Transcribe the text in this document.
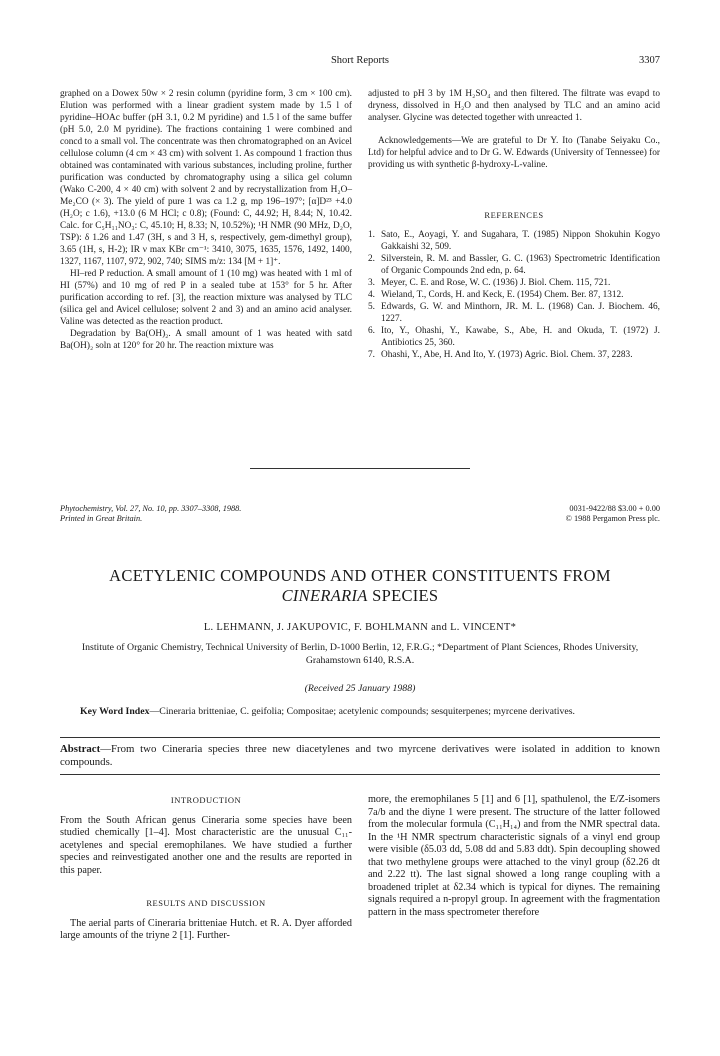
Short Reports	3307

graphed on a Dowex 50w × 2 resin column (pyridine form, 3 cm × 100 cm). Elution was performed with a linear gradient system made by 1.5 l of pyridine–HOAc buffer (pH 3.1, 0.2 M pyridine) and 1.5 l of the same buffer (pH 5.0, 2.0 M pyridine). The fractions containing 1 were combined and concd to a small vol. The concentrate was then chromatographed on an Avicel cellulose column (4 cm × 43 cm) with solvent 1. As compound 1 fraction thus obtained was contaminated with various substances, including proline, further purification was conducted by chromatography using a silica gel column (Wako C-200, 4 × 40 cm) with solvent 2 and by recrystallization from H₂O–Me₂CO (× 3). The yield of pure 1 was ca 1.2 g, mp 196–197°; [α]D²³ +4.0 (H₂O; c 1.6), +13.0 (6 M HCl; c 0.8); (Found: C, 44.92; H, 8.44; N, 10.42. Calc. for C₅H₁₁NO₃: C, 45.10; H, 8.33; N, 10.52%); ¹H NMR (90 MHz, D₂O, TSP): δ 1.26 and 1.47 (3H, s and 3 H, s, respectively, gem-dimethyl group), 3.65 (1H, s, H-2); IR ν max KBr cm⁻¹: 3410, 3075, 1635, 1576, 1492, 1400, 1327, 1167, 1107, 972, 902, 740; SIMS m/z: 134 [M + 1]⁺.

HI–red P reduction. A small amount of 1 (10 mg) was heated with 1 ml of HI (57%) and 10 mg of red P in a sealed tube at 153° for 5 hr. After purification according to ref. [3], the reaction mixture was analysed by TLC (silica gel and Avicel cellulose; solvent 2 and 3) and an amino acid analyser. Valine was detected as the reaction product.

Degradation by Ba(OH)₂. A small amount of 1 was heated with satd Ba(OH)₂ soln at 120° for 20 hr. The reaction mixture was

adjusted to pH 3 by 1M H₂SO₄ and then filtered. The filtrate was evapd to dryness, dissolved in H₂O and then analysed by TLC and an amino acid analyser. Glycine was detected together with unreacted 1.

Acknowledgements—We are grateful to Dr Y. Ito (Tanabe Seiyaku Co., Ltd) for helpful advice and to Dr G. W. Edwards (University of Tennessee) for providing us with synthetic β-hydroxy-L-valine.

REFERENCES
1. Sato, E., Aoyagi, Y. and Sugahara, T. (1985) Nippon Shokuhin Kogyo Gakkaishi 32, 509.
2. Silverstein, R. M. and Bassler, G. C. (1963) Spectrometric Identification of Organic Compounds 2nd edn, p. 64.
3. Meyer, C. E. and Rose, W. C. (1936) J. Biol. Chem. 115, 721.
4. Wieland, T., Cords, H. and Keck, E. (1954) Chem. Ber. 87, 1312.
5. Edwards, G. W. and Minthorn, JR. M. L. (1968) Can. J. Biochem. 46, 1227.
6. Ito, Y., Ohashi, Y., Kawabe, S., Abe, H. and Okuda, T. (1972) J. Antibiotics 25, 360.
7. Ohashi, Y., Abe, H. And Ito, Y. (1973) Agric. Biol. Chem. 37, 2283.
Phytochemistry, Vol. 27, No. 10, pp. 3307–3308, 1988.
Printed in Great Britain.
0031-9422/88 $3.00 + 0.00
© 1988 Pergamon Press plc.
ACETYLENIC COMPOUNDS AND OTHER CONSTITUENTS FROM
CINERARIA SPECIES
L. LEHMANN, J. JAKUPOVIC, F. BOHLMANN and L. VINCENT*
Institute of Organic Chemistry, Technical University of Berlin, D-1000 Berlin, 12, F.R.G.; *Department of Plant Sciences, Rhodes University, Grahamstown 6140, R.S.A.
(Received 25 January 1988)
Key Word Index—Cineraria britteniae, C. geifolia; Compositae; acetylenic compounds; sesquiterpenes; myrcene derivatives.
Abstract—From two Cineraria species three new diacetylenes and two myrcene derivatives were isolated in addition to known compounds.
INTRODUCTION

From the South African genus Cineraria some species have been studied chemically [1–4]. Most characteristic are the unusual C₁₁-acetylenes and special eremophilanes. We have studied a further species and reinvestigated another one and the results are reported in this paper.

RESULTS AND DISCUSSION

The aerial parts of Cineraria britteniae Hutch. et R. A. Dyer afforded large amounts of the triyne 2 [1]. Further-

more, the eremophilanes 5 [1] and 6 [1], spathulenol, the E/Z-isomers 7a/b and the diyne 1 were present. The structure of the latter followed from the molecular formula (C₁₁H₁₄) and from the NMR spectral data. In the ¹H NMR spectrum characteristic signals of a vinyl end group were visible (δ5.03 dd, 5.08 dd and 5.83 ddt). Spin decoupling showed that two methylene groups were attached to the vinyl group (δ2.26 dt and 2.22 tt). The last signal showed a long range coupling with a broadened triplet at δ2.34 which is typical for diynes. The remaining signals required a n-propyl group. In agreement with the fragmentation pattern in the mass spectrometer therefore
